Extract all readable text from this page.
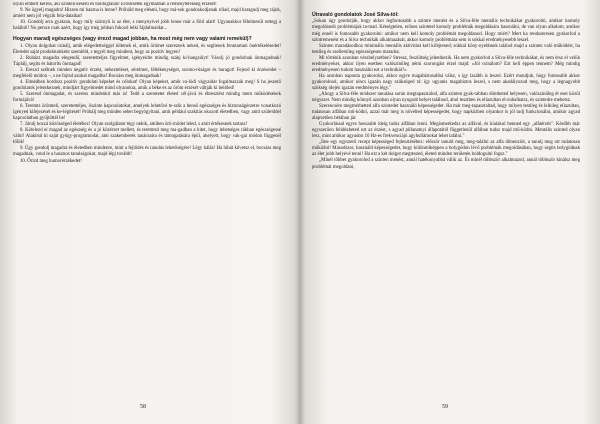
olyan embert keress, aki szintén keserű és boldogtalan! Erősítsétek egymásban a reménytelenség érzését!

9. Ne ügyelj magadra! Hiszen mi hasznа is lenne? Próbáld meg eléмni, hogy má-sok gondoskodjanak rólad, majd haragudj meg rájuk, amiért nem jól végzik fela-dataikat!

10. Gondolj arra gyakran, hogy mily szörnyű is az élet, s menynyivel jobb lenne már a föld alatt! Ugyanakkor félelmesül rettegj a haláltól! No persze csak azért, hogy így még jobban fokozd lelki fájdalmaidat...

Hogyan maradj egészséges (vagy érezd magad jobban, ha most még nem vagy valami remekül)?

1. Olyan dolgokat csinálj, amik elégedettséggel töltenek el, amik örömet szereznek neked, és segítenek fenntartani önértékelésedet! Életedet saját produktumként szemléld, s tegyél meg mindent, hogy az pozitív legyen!

2. Ruházz magadra elegendő, szeretetteljes figyelmet, igényeidre mindig szánj ki-hangsúlyt! Vásolj jó gondolnak önmagadnak! Táplálj, segíts és bátoríts önmagad!

3. Ereszd szélnek minden negatív érzést, nehezteléset, sérelmet, féltékenységet, szomo-rúságot és haragot! Fejezd ki érzéseidet – megfelelő módon –, s ne fojtsd azokat magadba! Bocsáss meg önmagadnak!

4. Elmédben hordozz pozitív gondolati képeket és célokat! Olyan képeket, amik va-lódi vágyaidat fogalmazzák meg! S ha jeszető gondolatok jelentkeznek, mindjárt figyelmedet mind olyanokra, amik a béke és az öröm érzését váltják ki belőled!

5. Szeresd önmagadat, és szeress mindenkit más is! Tedd a szeretetet életed cél-jává és ébresztést mindig ment működésének formájává!

6. Teremts örömteli, szeretetteljes, őszinte kapcsolatokat, amelyek lehetővé te-szik a benső egészséges és biztonságérzetre vonatkozó igényed kifejezését és ke-légítését! Próbálj meg minden sebet begyógyítani, amit például szakítás okozott életedben, vagy amit szüleiddel kapcsolatban gyűjtöttél be!

7. Járulj hozzá közösséged életéhez! Olyan szolgálatot tégy nekik, amiben örö-mödet leled, s amit értékesnek tartasz!

8. Kötelezd el magad az egészség és a jó közérzet mellett, és teremtsd meg ma-gadban a hitet, hogy lehetséges rákban egészségessé válni! Alakítsd ki saját gyógy-programodat, ami szakemberek tanácsaira és támogatására épül, ahelyett, hogy vak-gai módon függenél tőlük!

9. Úgy gondolj magadra és életedben mindenre, mint a fejlődés és tanulás lehetőségére! Légy hálás! Ha hibát követsz el, bocsáss meg magadnak, vond le a hasznos tanulságokat, majd lépj tovább!

10. Őrizd meg humorérzékedet!

58
Útravaló gondolatok José Silva-tól:

„Sokan úgy gondolják, hogy akkor legfontosabb a szintre menést és a Silva-féle mentális technikákat gyakorolni, amikor komoly megoldandó problémájuk ta-mad. Kétségtelen, erőnes szintetel komoly problémák megoldására használni, de van olyan alkalom, amikor még ennél is fontosabb gyakorolni: amikor nem kell komoly problémát megoldanod. Hogy miért? Mert ha rendszeresen gyakorlod a szintremenést és a Silva technikák alkalmazását, akkor komoly problémára sem is sokkal eredményesebb leszel.

Szinten maradásodhoz minimális mentális aktivitást kell kifejtened; sokkal köny-nyebbnek találod majd a szinten való működést, ha testileg és szellemileg egészségesen maradsz.

Mi történik azonban vészhelyzetben? Stressz, feszültség jelentkezik. Ha nem gyakorlod a Silva-féle technikákat, és nem érsz el velük eredményeket, akkor ilyen esetben valószínűleg némi szorongást érzel majd: »Jól csinálom? Ezt kell éppen tennem? Még mindig eredményesen tudom használni ezt a technikát?«

Ha azonban naponta gyakorolsz, akkor egyre magabiztosabbá válsz, s így lazább is leszel. Ezért mondjuk, hogy fontosabb akkor gyakorolnod, amikor nincs igazán nagy szükséged rá: így ugyanis magabiztos leszel, s nem akadályozod meg, hogy a legnagyobb szükség idején igazán eredményes légy."

„Ahogy a Silva-féle módszer tanulása során megtapasztalod, alfa szinten gyak-rabban döntheted helyesen, valószínűleg ét eset közül négyszer. Nem mindig könnyű azonban olyan nyugodt helyet találnod, ahol tesztben és ellazultan el-zuhalhatsz, és szintedre mehetsz.

Szerencsére megmérhetted alfa szintedet használó képességedet. Ha már meg-tapasztaltad, hogy milyen testileg és lelkileg ellazultan, tudatosan alfában mű-ködni, azzal már meg is növelted képességedet, hogy napközben olyankor is jól tudj funkcionálni, amikor agyad alapvetően bétában jár.

Gyakorlással egyre hosszabb ideig tudsz alfában lenni. Megismerkedsz az alfával, és kialakul benned egy „alfaérzés". Később már egyszerűen felidézheted ezt az érzést, s agyad pillanatnyi állapotától függetlenül alfában tudsz majd mű-ködni. Mentális szinted olyan lesz, mint amikor agyadon 10 Hz-es frekvenciájú agyhullámokat lehet találni."

„Íme egy egyszerű recept képességed fejlesztéséhez: először tanuld meg, meg-találni az alfa dimenziót, a tanulj meg ott tudatosan működni! Másodszor, használd képességedet, hogy különmiképpen a bolygódon lévő problémák megoldásában, hogy segíts bolygódnak az élet jobb helyévé tenni! Ha ezt a két dolgot megteszed, életed minden területén boldogulni fogsz."

„Minél többet gyakorolod a szinten menést, annál hatékonyabbá válik az. És minél többször alkalmazod, annál többször kínálsz meg problémát megoldani,

59
